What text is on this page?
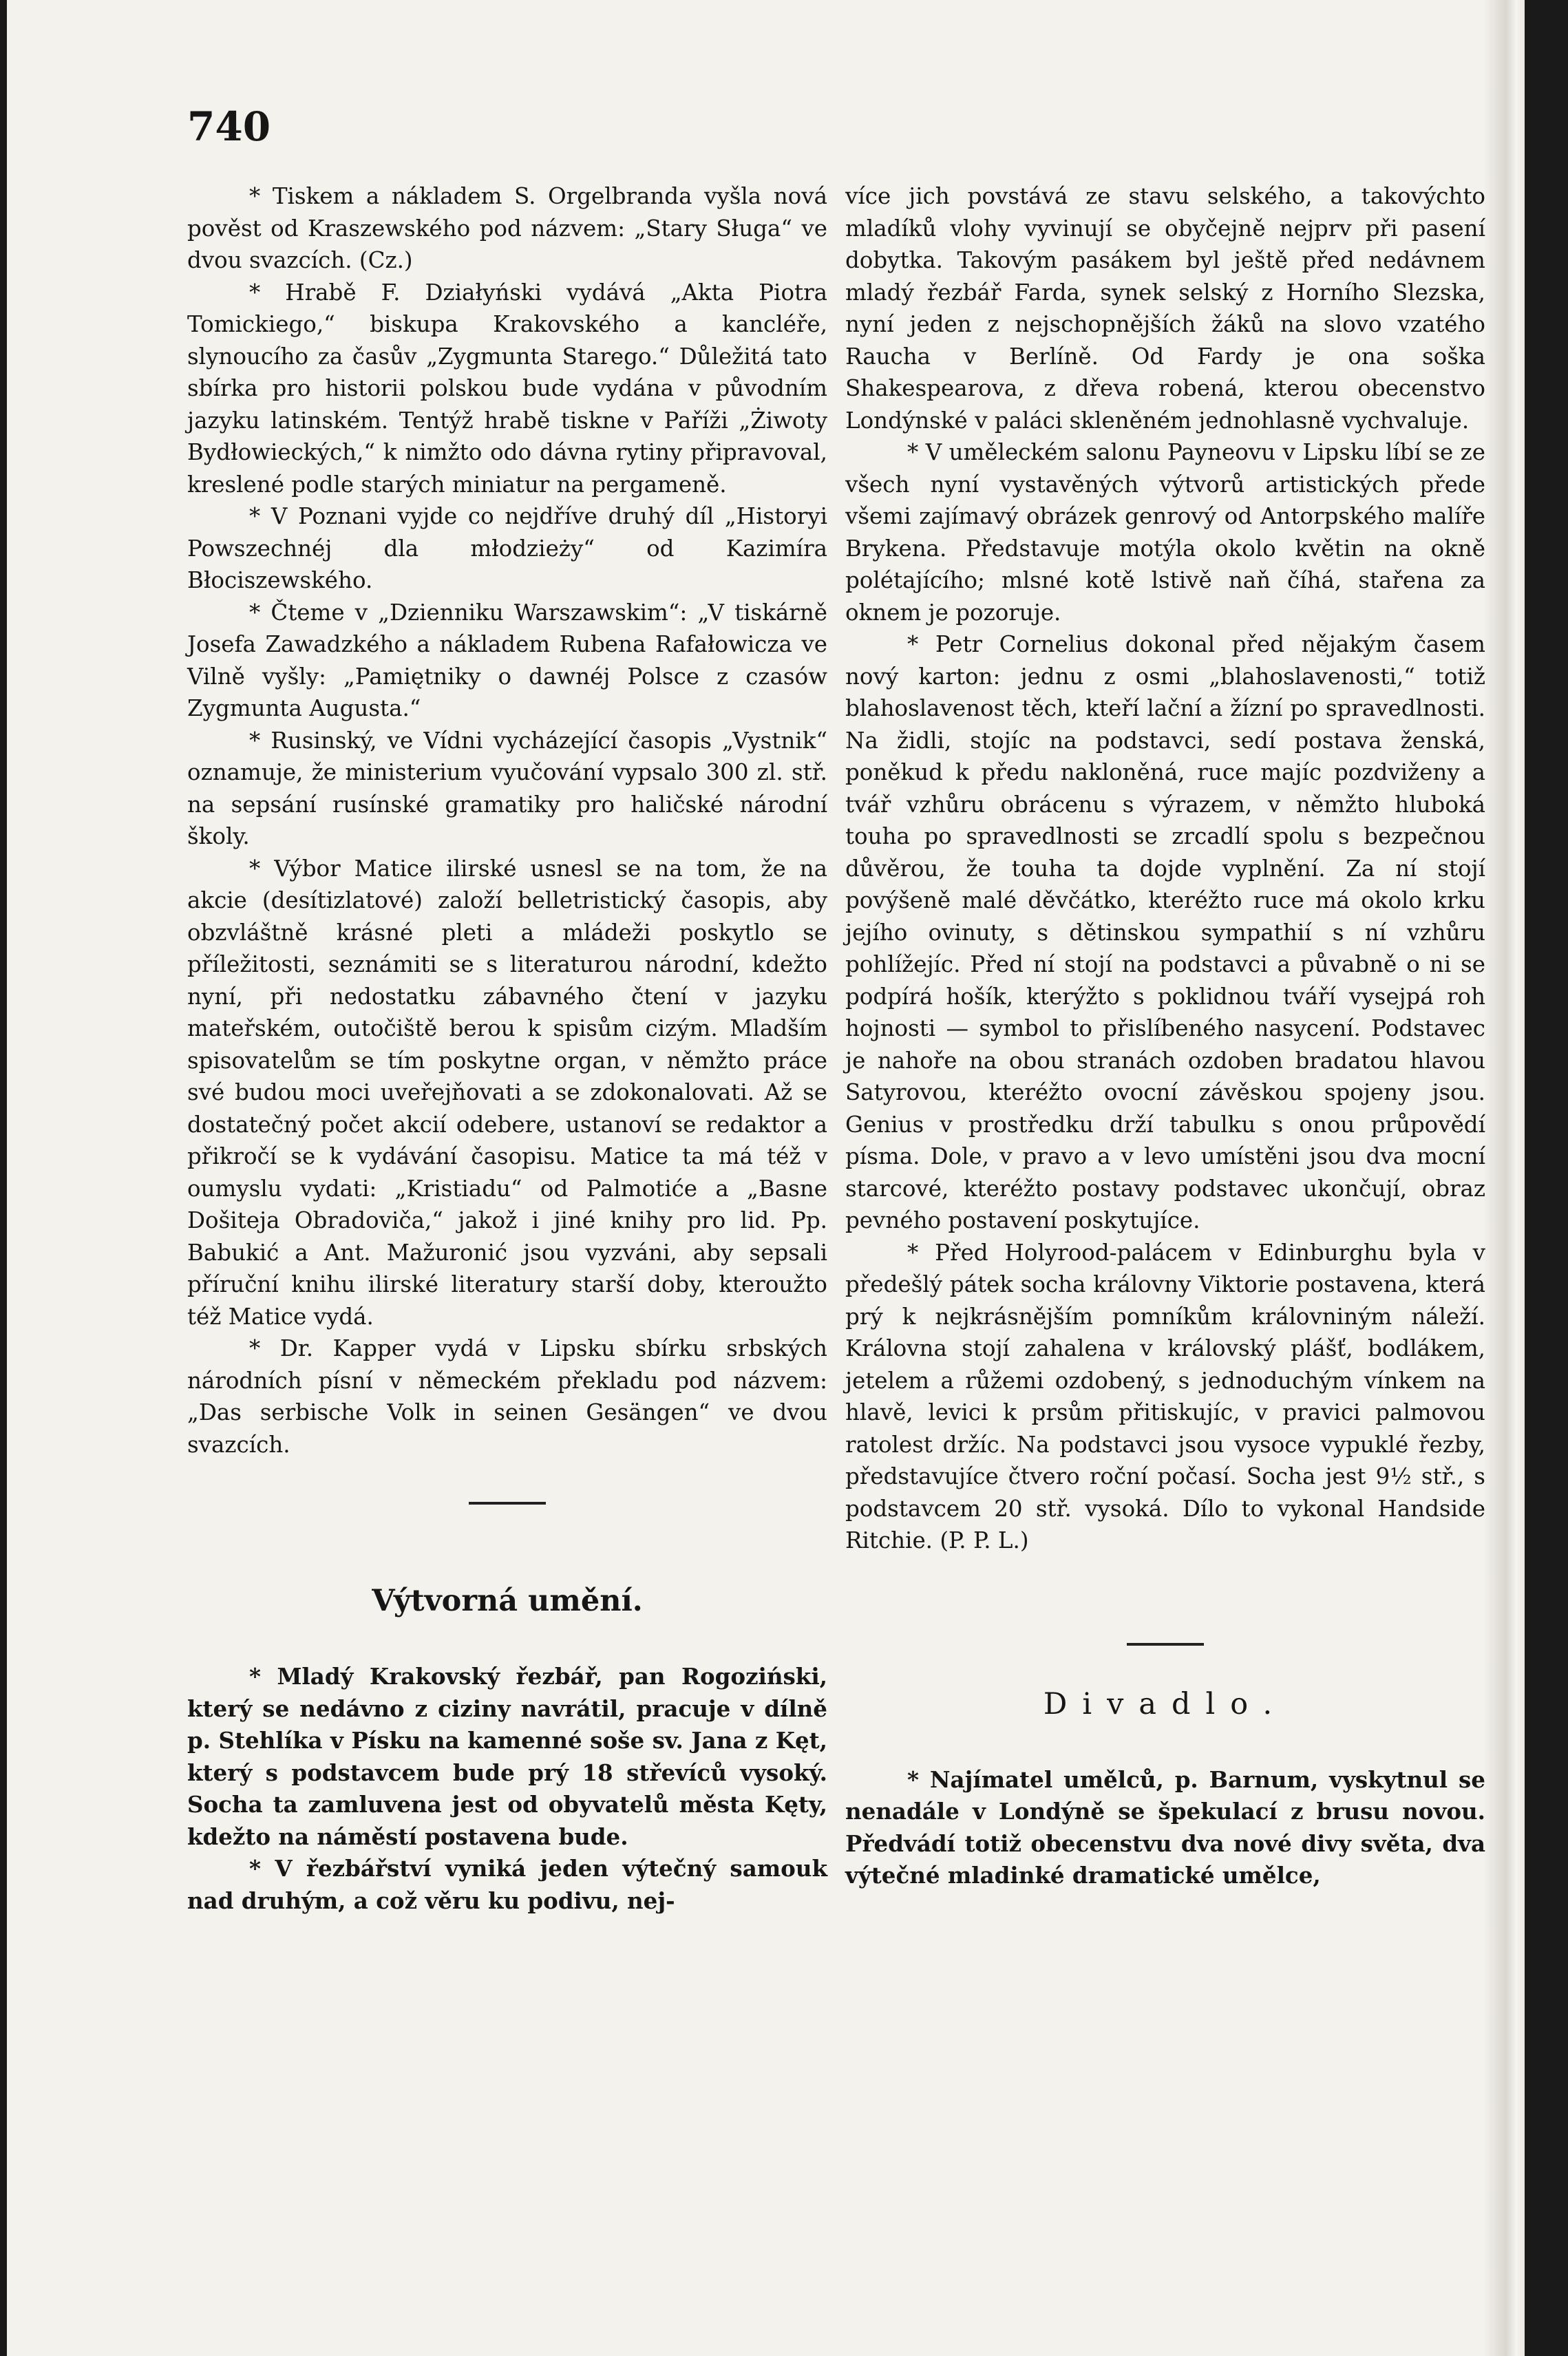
740

* Tiskem a nákladem S. Orgelbranda vyšla nová pověst od Kraszewského pod názvem: „Stary Sługa“ ve dvou svazcích. (Cz.)

* Hrabě F. Działyński vydává „Akta Piotra Tomickiego,“ biskupa Krakovského a kancléře, slynoucího za časův „Zygmunta Starego.“ Důležitá tato sbírka pro historii polskou bude vydána v původním jazyku latinském. Tentýž hrabě tiskne v Paříži „Żiwoty Bydłowieckých,“ k nimžto odo dávna rytiny připravoval, kreslené podle starých miniatur na pergameně.

* V Poznani vyjde co nejdříve druhý díl „Historyi Powszechnéj dla młodzieży“ od Kazimíra Błociszewského.

* Čteme v „Dzienniku Warszawskim“: „V tiskárně Josefa Zawadzkého a nákladem Rubena Rafałowicza ve Vilně vyšly: „Pamiętniky o dawnéj Polsce z czasów Zygmunta Augusta.“

* Rusinský, ve Vídni vycházející časopis „Vystnik“ oznamuje, že ministerium vyučování vypsalo 300 zl. stř. na sepsání rusínské gramatiky pro haličské národní školy.

* Výbor Matice ilirské usnesl se na tom, že na akcie (desítizlatové) založí belletristický časopis, aby obzvláštně krásné pleti a mládeži poskytlo se příležitosti, seznámiti se s literaturou národní, kdežto nyní, při nedostatku zábavného čtení v jazyku mateřském, outočiště berou k spisům cizým. Mladším spisovatelům se tím poskytne organ, v němžto práce své budou moci uveřejňovati a se zdokonalovati. Až se dostatečný počet akcií odebere, ustanoví se redaktor a přikročí se k vydávání časopisu. Matice ta má též v oumyslu vydati: „Kristiadu“ od Palmotiće a „Basne Došiteja Obradoviča,“ jakož i jiné knihy pro lid. Pp. Babukić a Ant. Mažuronić jsou vyzváni, aby sepsali příruční knihu ilirské literatury starší doby, kteroužto též Matice vydá.

* Dr. Kapper vydá v Lipsku sbírku srbských národních písní v německém překladu pod názvem: „Das serbische Volk in seinen Gesängen“ ve dvou svazcích.

Výtvorná umění.

* Mladý Krakovský řezbář, pan Rogoziński, který se nedávno z ciziny navrátil, pracuje v dílně p. Stehlíka v Písku na kamenné soše sv. Jana z Kęt, který s podstavcem bude prý 18 střevíců vysoký. Socha ta zamluvena jest od obyvatelů města Kęty, kdežto na náměstí postavena bude.

* V řezbářství vyniká jeden výtečný samouk nad druhým, a což věru ku podivu, nej-

více jich povstává ze stavu selského, a takovýchto mladíků vlohy vyvinují se obyčejně nejprv při pasení dobytka. Takovým pasákem byl ještě před nedávnem mladý řezbář Farda, synek selský z Horního Slezska, nyní jeden z nejschopnějších žáků na slovo vzatého Raucha v Berlíně. Od Fardy je ona soška Shakespearova, z dřeva robená, kterou obecenstvo Londýnské v paláci skleněném jednohlasně vychvaluje.

* V uměleckém salonu Payneovu v Lipsku líbí se ze všech nyní vystavěných výtvorů artistických přede všemi zajímavý obrázek genrový od Antorpského malíře Brykena. Představuje motýla okolo květin na okně polétajícího; mlsné kotě lstivě naň číhá, stařena za oknem je pozoruje.

* Petr Cornelius dokonal před nějakým časem nový karton: jednu z osmi „blahoslavenosti,“ totiž blahoslavenost těch, kteří lační a žízní po spravedlnosti. Na židli, stojíc na podstavci, sedí postava ženská, poněkud k předu nakloněná, ruce majíc pozdviženy a tvář vzhůru obrácenu s výrazem, v němžto hluboká touha po spravedlnosti se zrcadlí spolu s bezpečnou důvěrou, že touha ta dojde vyplnění. Za ní stojí povýšeně malé děvčátko, kteréžto ruce má okolo krku jejího ovinuty, s dětinskou sympathií s ní vzhůru pohlížejíc. Před ní stojí na podstavci a půvabně o ni se podpírá hošík, kterýžto s poklidnou tváří vysejpá roh hojnosti — symbol to přislíbeného nasycení. Podstavec je nahoře na obou stranách ozdoben bradatou hlavou Satyrovou, kteréžto ovocní závěskou spojeny jsou. Genius v prostředku drží tabulku s onou průpovědí písma. Dole, v pravo a v levo umístěni jsou dva mocní starcové, kteréžto postavy podstavec ukončují, obraz pevného postavení poskytujíce.

* Před Holyrood-palácem v Edinburghu byla v předešlý pátek socha královny Viktorie postavena, která prý k nejkrásnějším pomníkům královniným náleží. Královna stojí zahalena v královský plášť, bodlákem, jetelem a růžemi ozdobený, s jednoduchým vínkem na hlavě, levici k prsům přitiskujíc, v pravici palmovou ratolest držíc. Na podstavci jsou vysoce vypuklé řezby, představujíce čtvero roční počasí. Socha jest 9½ stř., s podstavcem 20 stř. vysoká. Dílo to vykonal Handside Ritchie. (P. P. L.)

Divadlo.

* Najímatel umělců, p. Barnum, vyskytnul se nenadále v Londýně se špekulací z brusu novou. Předvádí totiž obecenstvu dva nové divy světa, dva výtečné mladinké dramatické umělce,
